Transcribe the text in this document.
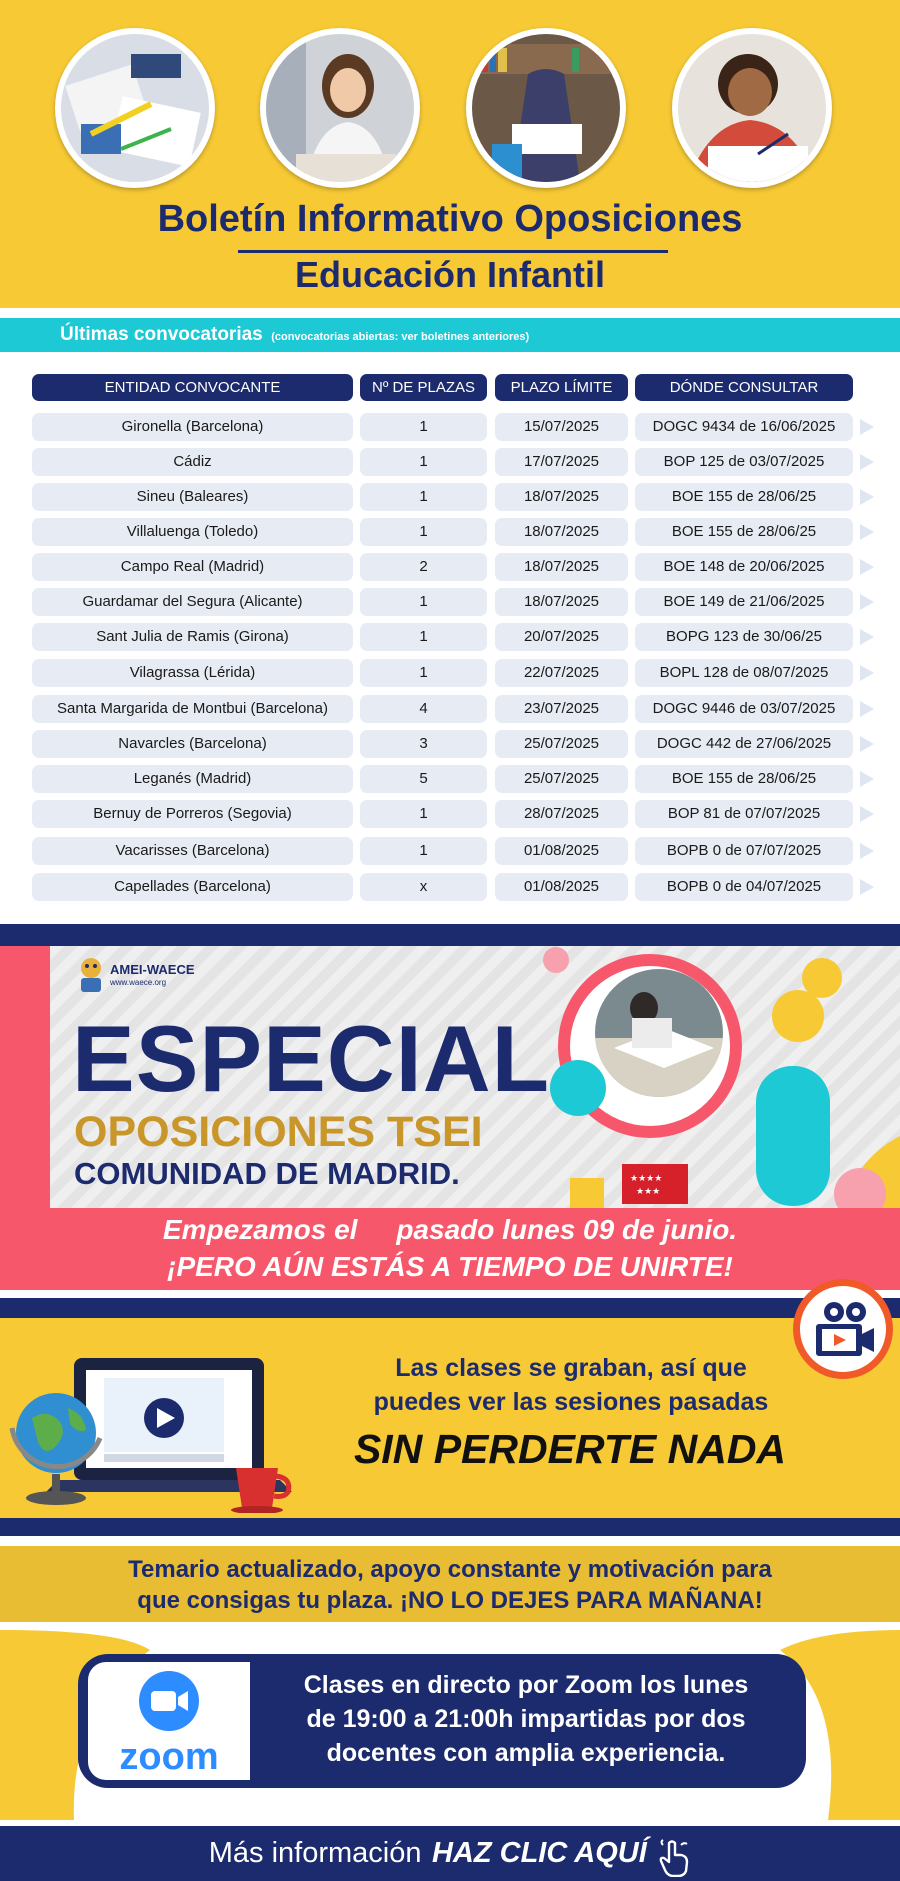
Boletín Informativo Oposiciones
Educación Infantil
Últimas convocatorias (convocatorias abiertas: ver boletines anteriores)
ENTIDAD CONVOCANTE	Nº DE PLAZAS	PLAZO LÍMITE	DÓNDE CONSULTAR
Gironella (Barcelona)	1	15/07/2025	DOGC 9434 de 16/06/2025
Cádiz	1	17/07/2025	BOP 125 de 03/07/2025
Sineu (Baleares)	1	18/07/2025	BOE 155 de 28/06/25
Villaluenga (Toledo)	1	18/07/2025	BOE 155 de 28/06/25
Campo Real (Madrid)	2	18/07/2025	BOE 148 de 20/06/2025
Guardamar del Segura (Alicante)	1	18/07/2025	BOE 149 de 21/06/2025
Sant Julia de Ramis (Girona)	1	20/07/2025	BOPG 123 de 30/06/25
Vilagrassa (Lérida)	1	22/07/2025	BOPL 128 de 08/07/2025
Santa Margarida de Montbui (Barcelona)	4	23/07/2025	DOGC 9446 de 03/07/2025
Navarcles (Barcelona)	3	25/07/2025	DOGC 442 de 27/06/2025
Leganés (Madrid)	5	25/07/2025	BOE 155 de 28/06/25
Bernuy de Porreros (Segovia)	1	28/07/2025	BOP 81 de 07/07/2025
Vacarisses (Barcelona)	1	01/08/2025	BOPB 0 de 07/07/2025
Capellades (Barcelona)	x	01/08/2025	BOPB 0 de 04/07/2025
AMEI-WAECE
www.waece.org
★★★★
★★★
ESPECIAL
OPOSICIONES TSEI
COMUNIDAD DE MADRID.
Empezamos el     pasado lunes 09 de junio.
¡PERO AÚN ESTÁS A TIEMPO DE UNIRTE!
Las clases se graban, así que
puedes ver las sesiones pasadas
SIN PERDERTE NADA
Temario actualizado, apoyo constante y motivación para
que consigas tu plaza. ¡NO LO DEJES PARA MAÑANA!
zoom
Clases en directo por Zoom los lunes
de 19:00 a 21:00h impartidas por dos
docentes con amplia experiencia.
Más información HAZ CLIC AQUÍ
